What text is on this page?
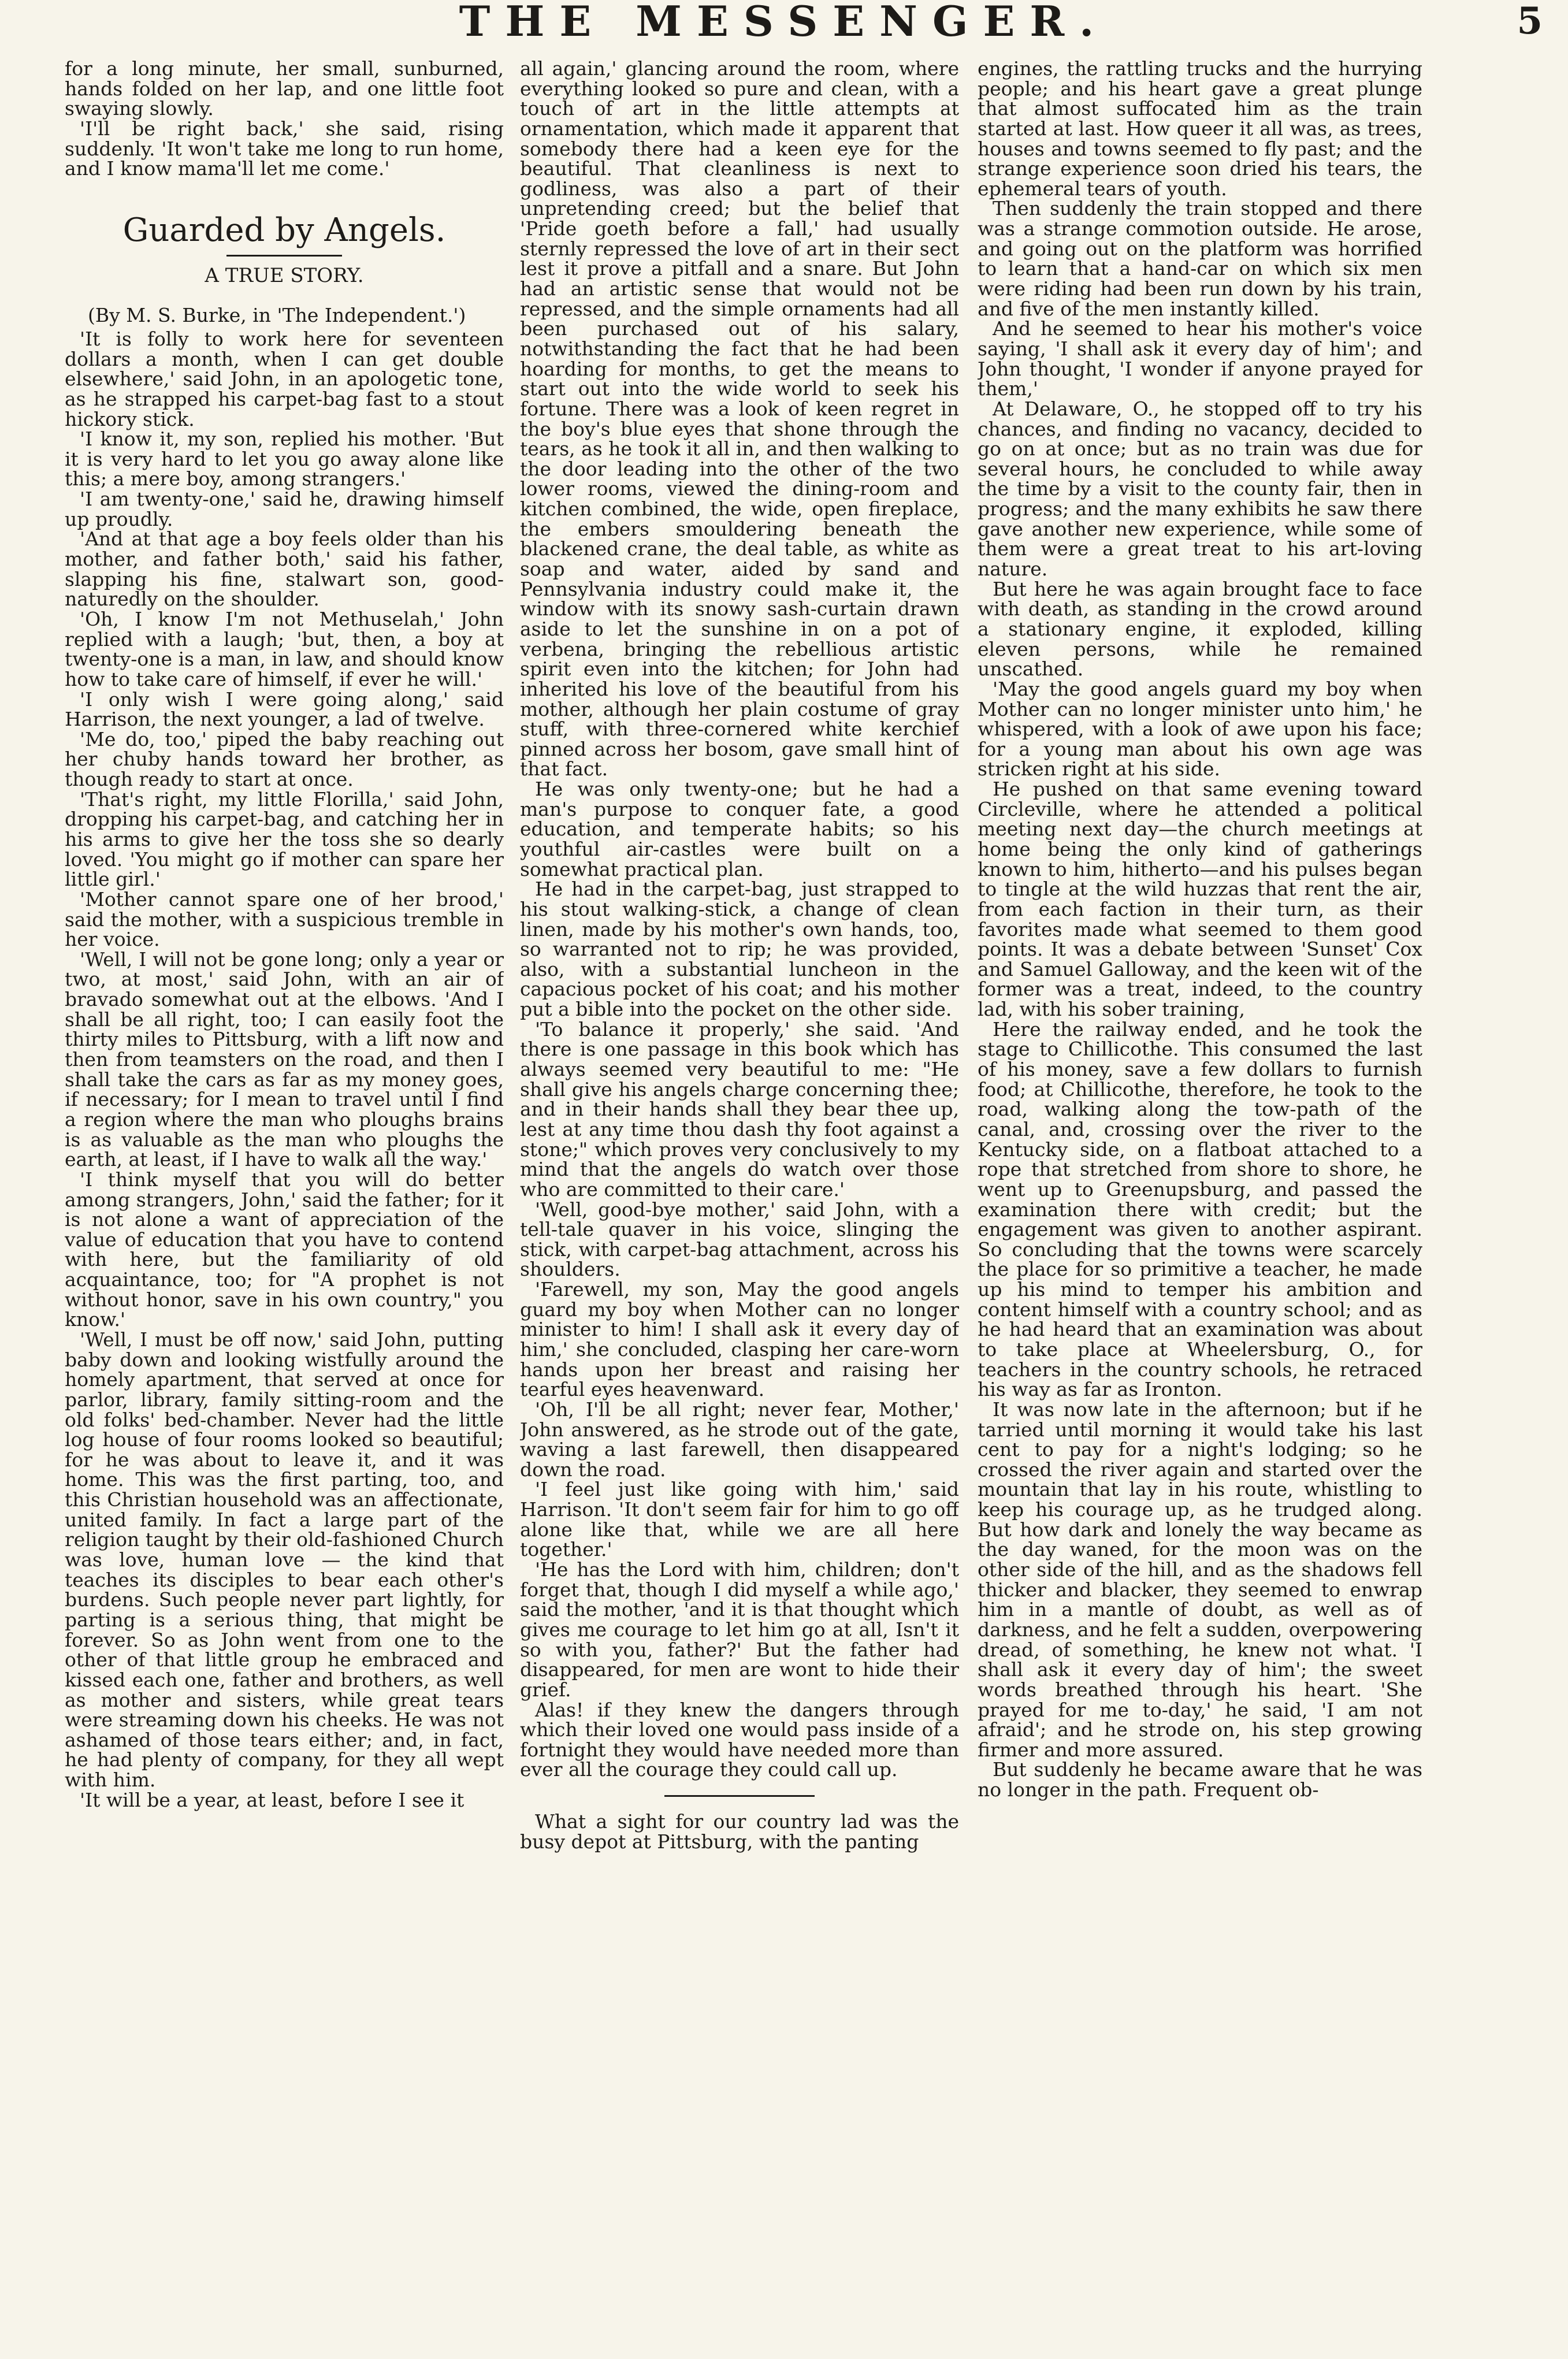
THE MESSENGER.	5

for a long minute, her small, sunburned, hands folded on her lap, and one little foot swaying slowly.

'I'll be right back,' she said, rising suddenly. 'It won't take me long to run home, and I know mama'll let me come.'

Guarded by Angels.
A TRUE STORY.
(By M. S. Burke, in 'The Independent.')

'It is folly to work here for seventeen dollars a month, when I can get double elsewhere,' said John, in an apologetic tone, as he strapped his carpet-bag fast to a stout hickory stick.

'I know it, my son, replied his mother. 'But it is very hard to let you go away alone like this; a mere boy, among strangers.'

'I am twenty-one,' said he, drawing himself up proudly.

'And at that age a boy feels older than his mother, and father both,' said his father, slapping his fine, stalwart son, good-naturedly on the shoulder.

'Oh, I know I'm not Methuselah,' John replied with a laugh; 'but, then, a boy at twenty-one is a man, in law, and should know how to take care of himself, if ever he will.'

'I only wish I were going along,' said Harrison, the next younger, a lad of twelve.

'Me do, too,' piped the baby reaching out her chuby hands toward her brother, as though ready to start at once.

'That's right, my little Florilla,' said John, dropping his carpet-bag, and catching her in his arms to give her the toss she so dearly loved. 'You might go if mother can spare her little girl.'

'Mother cannot spare one of her brood,' said the mother, with a suspicious tremble in her voice.

'Well, I will not be gone long; only a year or two, at most,' said John, with an air of bravado somewhat out at the elbows. 'And I shall be all right, too; I can easily foot the thirty miles to Pittsburg, with a lift now and then from teamsters on the road, and then I shall take the cars as far as my money goes, if necessary; for I mean to travel until I find a region where the man who ploughs brains is as valuable as the man who ploughs the earth, at least, if I have to walk all the way.'

'I think myself that you will do better among strangers, John,' said the father; for it is not alone a want of appreciation of the value of education that you have to contend with here, but the familiarity of old acquaintance, too; for "A prophet is not without honor, save in his own country," you know.'

'Well, I must be off now,' said John, putting baby down and looking wistfully around the homely apartment, that served at once for parlor, library, family sitting-room and the old folks' bed-chamber. Never had the little log house of four rooms looked so beautiful; for he was about to leave it, and it was home. This was the first parting, too, and this Christian household was an affectionate, united family. In fact a large part of the religion taught by their old-fashioned Church was love, human love — the kind that teaches its disciples to bear each other's burdens. Such people never part lightly, for parting is a serious thing, that might be forever. So as John went from one to the other of that little group he embraced and kissed each one, father and brothers, as well as mother and sisters, while great tears were streaming down his cheeks. He was not ashamed of those tears either; and, in fact, he had plenty of company, for they all wept with him.

'It will be a year, at least, before I see it

all again,' glancing around the room, where everything looked so pure and clean, with a touch of art in the little attempts at ornamentation, which made it apparent that somebody there had a keen eye for the beautiful. That cleanliness is next to godliness, was also a part of their unpretending creed; but the belief that 'Pride goeth before a fall,' had usually sternly repressed the love of art in their sect lest it prove a pitfall and a snare. But John had an artistic sense that would not be repressed, and the simple ornaments had all been purchased out of his salary, notwithstanding the fact that he had been hoarding for months, to get the means to start out into the wide world to seek his fortune. There was a look of keen regret in the boy's blue eyes that shone through the tears, as he took it all in, and then walking to the door leading into the other of the two lower rooms, viewed the dining-room and kitchen combined, the wide, open fireplace, the embers smouldering beneath the blackened crane, the deal table, as white as soap and water, aided by sand and Pennsylvania industry could make it, the window with its snowy sash-curtain drawn aside to let the sunshine in on a pot of verbena, bringing the rebellious artistic spirit even into the kitchen; for John had inherited his love of the beautiful from his mother, although her plain costume of gray stuff, with three-cornered white kerchief pinned across her bosom, gave small hint of that fact.

He was only twenty-one; but he had a man's purpose to conquer fate, a good education, and temperate habits; so his youthful air-castles were built on a somewhat practical plan.

He had in the carpet-bag, just strapped to his stout walking-stick, a change of clean linen, made by his mother's own hands, too, so warranted not to rip; he was provided, also, with a substantial luncheon in the capacious pocket of his coat; and his mother put a bible into the pocket on the other side.

'To balance it properly,' she said. 'And there is one passage in this book which has always seemed very beautiful to me: "He shall give his angels charge concerning thee; and in their hands shall they bear thee up, lest at any time thou dash thy foot against a stone;" which proves very conclusively to my mind that the angels do watch over those who are committed to their care.'

'Well, good-bye mother,' said John, with a tell-tale quaver in his voice, slinging the stick, with carpet-bag attachment, across his shoulders.

'Farewell, my son, May the good angels guard my boy when Mother can no longer minister to him! I shall ask it every day of him,' she concluded, clasping her care-worn hands upon her breast and raising her tearful eyes heavenward.

'Oh, I'll be all right; never fear, Mother,' John answered, as he strode out of the gate, waving a last farewell, then disappeared down the road.

'I feel just like going with him,' said Harrison. 'It don't seem fair for him to go off alone like that, while we are all here together.'

'He has the Lord with him, children; don't forget that, though I did myself a while ago,' said the mother, 'and it is that thought which gives me courage to let him go at all, Isn't it so with you, father?' But the father had disappeared, for men are wont to hide their grief.

Alas! if they knew the dangers through which their loved one would pass inside of a fortnight they would have needed more than ever all the courage they could call up.

What a sight for our country lad was the busy depot at Pittsburg, with the panting

engines, the rattling trucks and the hurrying people; and his heart gave a great plunge that almost suffocated him as the train started at last. How queer it all was, as trees, houses and towns seemed to fly past; and the strange experience soon dried his tears, the ephemeral tears of youth.

Then suddenly the train stopped and there was a strange commotion outside. He arose, and going out on the platform was horrified to learn that a hand-car on which six men were riding had been run down by his train, and five of the men instantly killed.

And he seemed to hear his mother's voice saying, 'I shall ask it every day of him'; and John thought, 'I wonder if anyone prayed for them,'

At Delaware, O., he stopped off to try his chances, and finding no vacancy, decided to go on at once; but as no train was due for several hours, he concluded to while away the time by a visit to the county fair, then in progress; and the many exhibits he saw there gave another new experience, while some of them were a great treat to his art-loving nature.

But here he was again brought face to face with death, as standing in the crowd around a stationary engine, it exploded, killing eleven persons, while he remained unscathed.

'May the good angels guard my boy when Mother can no longer minister unto him,' he whispered, with a look of awe upon his face; for a young man about his own age was stricken right at his side.

He pushed on that same evening toward Circleville, where he attended a political meeting next day—the church meetings at home being the only kind of gatherings known to him, hitherto—and his pulses began to tingle at the wild huzzas that rent the air, from each faction in their turn, as their favorites made what seemed to them good points. It was a debate between 'Sunset' Cox and Samuel Galloway, and the keen wit of the former was a treat, indeed, to the country lad, with his sober training,

Here the railway ended, and he took the stage to Chillicothe. This consumed the last of his money, save a few dollars to furnish food; at Chillicothe, therefore, he took to the road, walking along the tow-path of the canal, and, crossing over the river to the Kentucky side, on a flatboat attached to a rope that stretched from shore to shore, he went up to Greenupsburg, and passed the examination there with credit; but the engagement was given to another aspirant. So concluding that the towns were scarcely the place for so primitive a teacher, he made up his mind to temper his ambition and content himself with a country school; and as he had heard that an examination was about to take place at Wheelersburg, O., for teachers in the country schools, he retraced his way as far as Ironton.

It was now late in the afternoon; but if he tarried until morning it would take his last cent to pay for a night's lodging; so he crossed the river again and started over the mountain that lay in his route, whistling to keep his courage up, as he trudged along. But how dark and lonely the way became as the day waned, for the moon was on the other side of the hill, and as the shadows fell thicker and blacker, they seemed to enwrap him in a mantle of doubt, as well as of darkness, and he felt a sudden, overpowering dread, of something, he knew not what. 'I shall ask it every day of him'; the sweet words breathed through his heart. 'She prayed for me to-day,' he said, 'I am not afraid'; and he strode on, his step growing firmer and more assured.

But suddenly he became aware that he was no longer in the path. Frequent ob-
